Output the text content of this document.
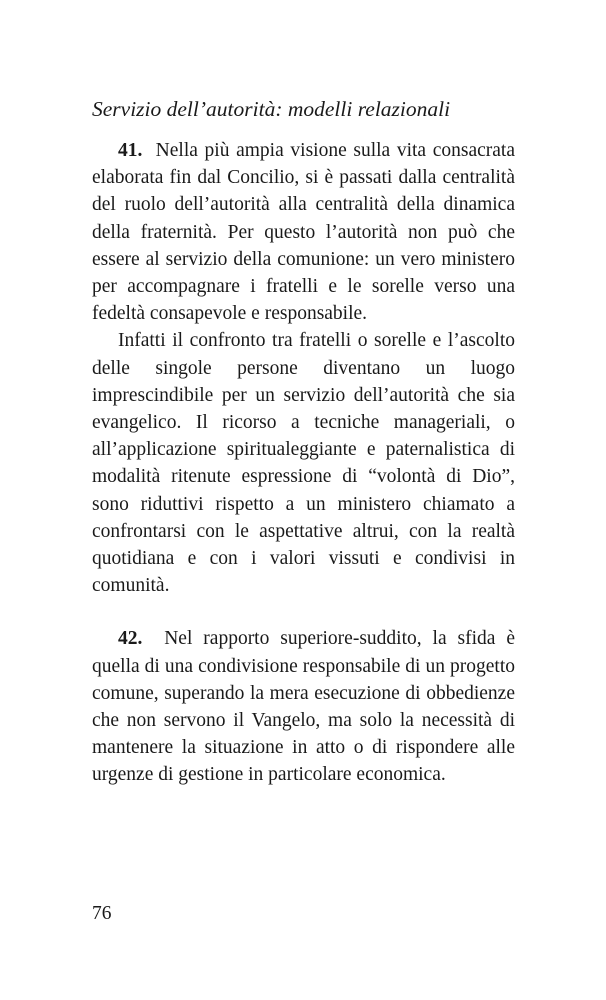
Servizio dell’autorità: modelli relazionali

41. Nella più ampia visione sulla vita consacrata elaborata fin dal Concilio, si è passati dalla centralità del ruolo dell’autorità alla centralità della dinamica della fraternità. Per questo l’autorità non può che essere al servizio della comunione: un vero ministero per accompagnare i fratelli e le sorelle verso una fedeltà consapevole e responsabile.

Infatti il confronto tra fratelli o sorelle e l’ascolto delle singole persone diventano un luogo imprescindibile per un servizio dell’autorità che sia evangelico. Il ricorso a tecniche manageriali, o all’applicazione spiritualeggiante e paternalistica di modalità ritenute espressione di “volontà di Dio”, sono riduttivi rispetto a un ministero chiamato a confrontarsi con le aspettative altrui, con la realtà quotidiana e con i valori vissuti e condivisi in comunità.

42. Nel rapporto superiore-suddito, la sfida è quella di una condivisione responsabile di un progetto comune, superando la mera esecuzione di obbedienze che non servono il Vangelo, ma solo la necessità di mantenere la situazione in atto o di rispondere alle urgenze di gestione in particolare economica.

76
